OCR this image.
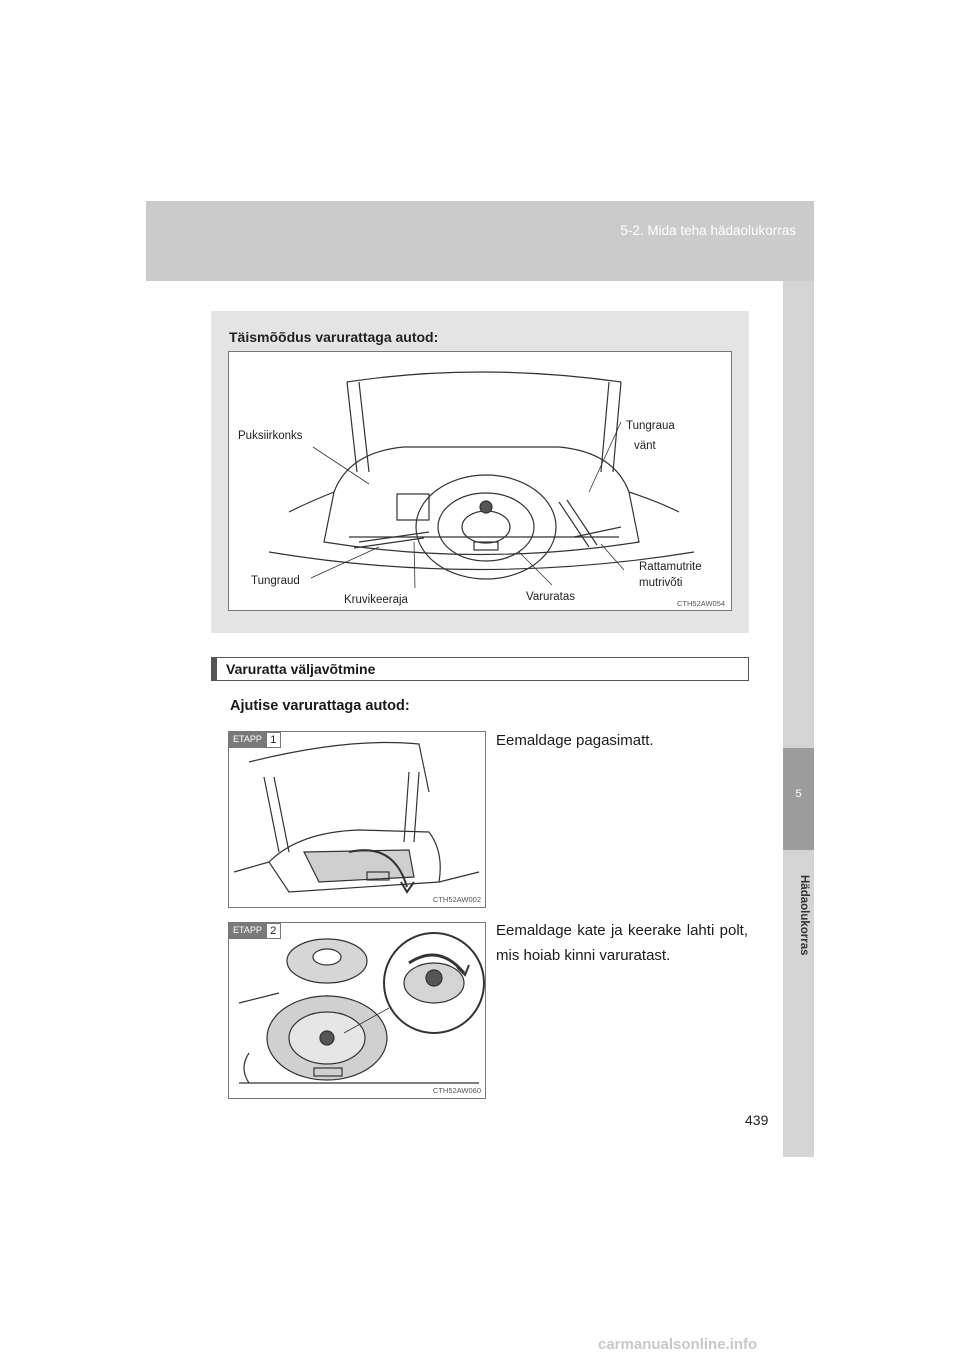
5-2. Mida teha hädaolukorras
5
Hädaolukorras
Täismõõdus varurattaga autod:
Puksiirkonks
Tungraua
vänt
Rattamutrite
mutrivõti
Tungraud
Kruvikeeraja	Varuratas
CTH52AW054
Varuratta väljavõtmine
Ajutise varurattaga autod:
ETAPP 1
CTH52AW002
Eemaldage pagasimatt.
ETAPP 2
CTH52AW060
Eemaldage kate ja keerake lahti polt, mis hoiab kinni varuratast.
439
carmanualsonline.info
